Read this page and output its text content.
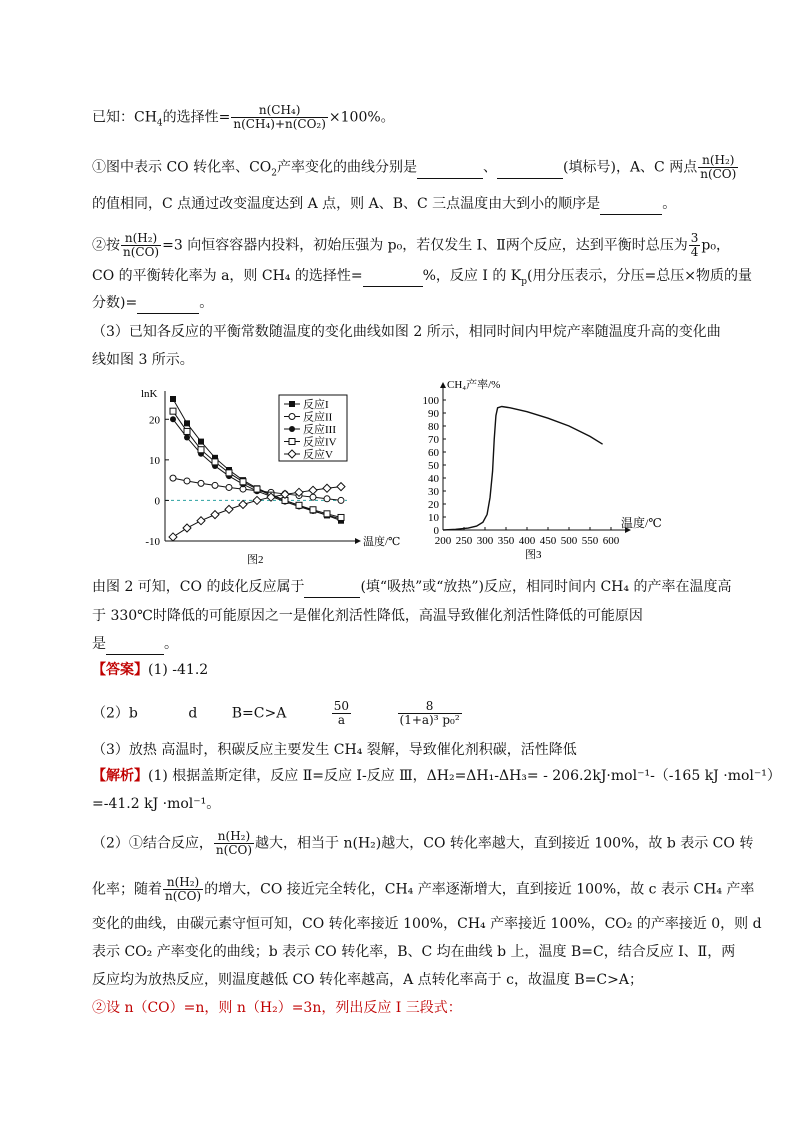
已知：$CH_4$的选择性= $\frac{\text{n(CH₄)}}{\text{n(CH₄)+n(CO₂)}} \times 100\%$。
①图中表示 CO 转化率、$CO_2$产率变化的曲线分别是	、	(填标号)，A、C 两点 $\frac{\text{n(H₂)}}{n(CO)}$
的值相同，C 点通过改变温度达到 A 点，则 A、B、C 三点温度由大到小的顺序是	。
②按 $\frac{\text{n(H₂)}}{n(CO)} =3$ 向恒容容器内投料，初始压强为 p₀，若仅发生 Ⅰ、Ⅱ两个反应，达到平衡时总压为 $\frac{3}{4} p_0$，
CO 的平衡转化率为 a，则 CH₄ 的选择性=	%，反应 Ⅰ 的 $K_p$(用分压表示，分压=总压×物质的量
分数)=	。
（3）已知各反应的平衡常数随温度的变化曲线如图 2 所示，相同时间内甲烷产率随温度升高的变化曲
线如图 3 所示。
-10
0
10
20
lnK
温度/℃
图2
反应I
反应II
反应III
反应IV
反应V
0
10
20
30
40
50
60
70
80
90
100
200 250 300 350 400 450 500 550 600
CH₄产率/%
温度/℃
图3
由图 2 可知，CO 的歧化反应属于	(填“吸热”或“放热”)反应，相同时间内 CH₄ 的产率在温度高
于 330℃时降低的可能原因之一是催化剂活性降低，高温导致催化剂活性降低的可能原因
是	。
【答案】(1) -41.2
（2）b	d B=C>A	$\frac{50}{a}$
	$\frac{8}{\text{(1+a)³ p₀²}}$
（3）放热 高温时，积碳反应主要发生 CH₄ 裂解，导致催化剂积碳，活性降低
【解析】(1) 根据盖斯定律，反应 Ⅱ=反应 Ⅰ-反应 Ⅲ，ΔH₂=ΔH₁-ΔH₃= - 206.2kJ·mol⁻¹-（-165 kJ ·mol⁻¹）
=-41.2 kJ ·mol⁻¹。
（2）①结合反应， $\frac{\text{n(H₂)}}{n(CO)}$ 越大，相当于 n(H₂)越大，CO 转化率越大，直到接近 100%，故 b 表示 CO 转
化率；随着 $\frac{\text{n(H₂)}}{n(CO)}$ 的增大，CO 接近完全转化，CH₄ 产率逐渐增大，直到接近 100%，故 c 表示 CH₄ 产率
变化的曲线，由碳元素守恒可知，CO 转化率接近 100%，CH₄ 产率接近 100%，CO₂ 的产率接近 0，则 d
表示 CO₂ 产率变化的曲线；b 表示 CO 转化率，B、C 均在曲线 b 上，温度 B=C，结合反应 Ⅰ、Ⅱ，两
反应均为放热反应，则温度越低 CO 转化率越高，A 点转化率高于 c，故温度 B=C>A；
②设 n（CO）=n，则 n（H₂）=3n，列出反应 Ⅰ 三段式：
